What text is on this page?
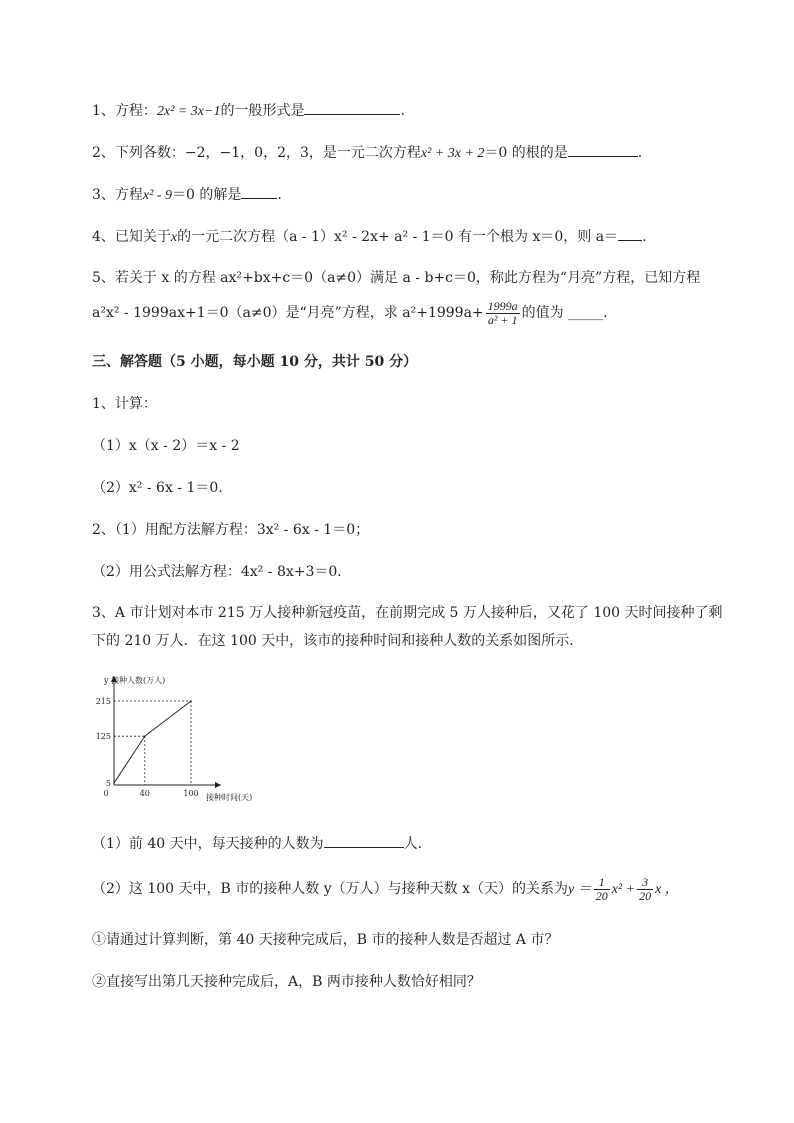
1、方程：2x² = 3x−1的一般形式是	.
2、下列各数：−2，−1，0，2，3，是一元二次方程x² + 3x + 2＝0 的根的是	.
3、方程x² - 9＝0 的解是	.
4、已知关于x的一元二次方程（a - 1）x² - 2x+ a² - 1＝0 有一个根为 x＝0，则 a＝ .
5、若关于 x 的方程 ax²+bx+c＝0（a≠0）满足 a - b+c＝0，称此方程为“月亮”方程，已知方程
a²x² - 1999ax+1＝0（a≠0）是“月亮”方程，求 $a^2+1999a+ \frac{1999a}{\text{a² + 1}}$ 的值为 _____.
三、解答题（5 小题，每小题 10 分，共计 50 分）
1、计算：
（1）x（x - 2）＝x - 2
（2）x² - 6x - 1＝0.
2、（1）用配方法解方程：3x² - 6x - 1＝0；
（2）用公式法解方程：4x² - 8x+3＝0．
3、A 市计划对本市 215 万人接种新冠疫苗，在前期完成 5 万人接种后，又花了 100 天时间接种了剩
下的 210 万人．在这 100 天中，该市的接种时间和接种人数的关系如图所示．
y 接种人数(万人)
接种时间(天)
5
125
215
0	40	100
（1）前 40 天中，每天接种的人数为	人．
（2）这 100 天中，B 市的接种人数 y（万人）与接种天数 x（天）的关系为$y = \frac{1}{20} x^2 + \frac{3}{20}$ x ，
①请通过计算判断，第 40 天接种完成后，B 市的接种人数是否超过 A 市？
②直接写出第几天接种完成后，A，B 两市接种人数恰好相同？
